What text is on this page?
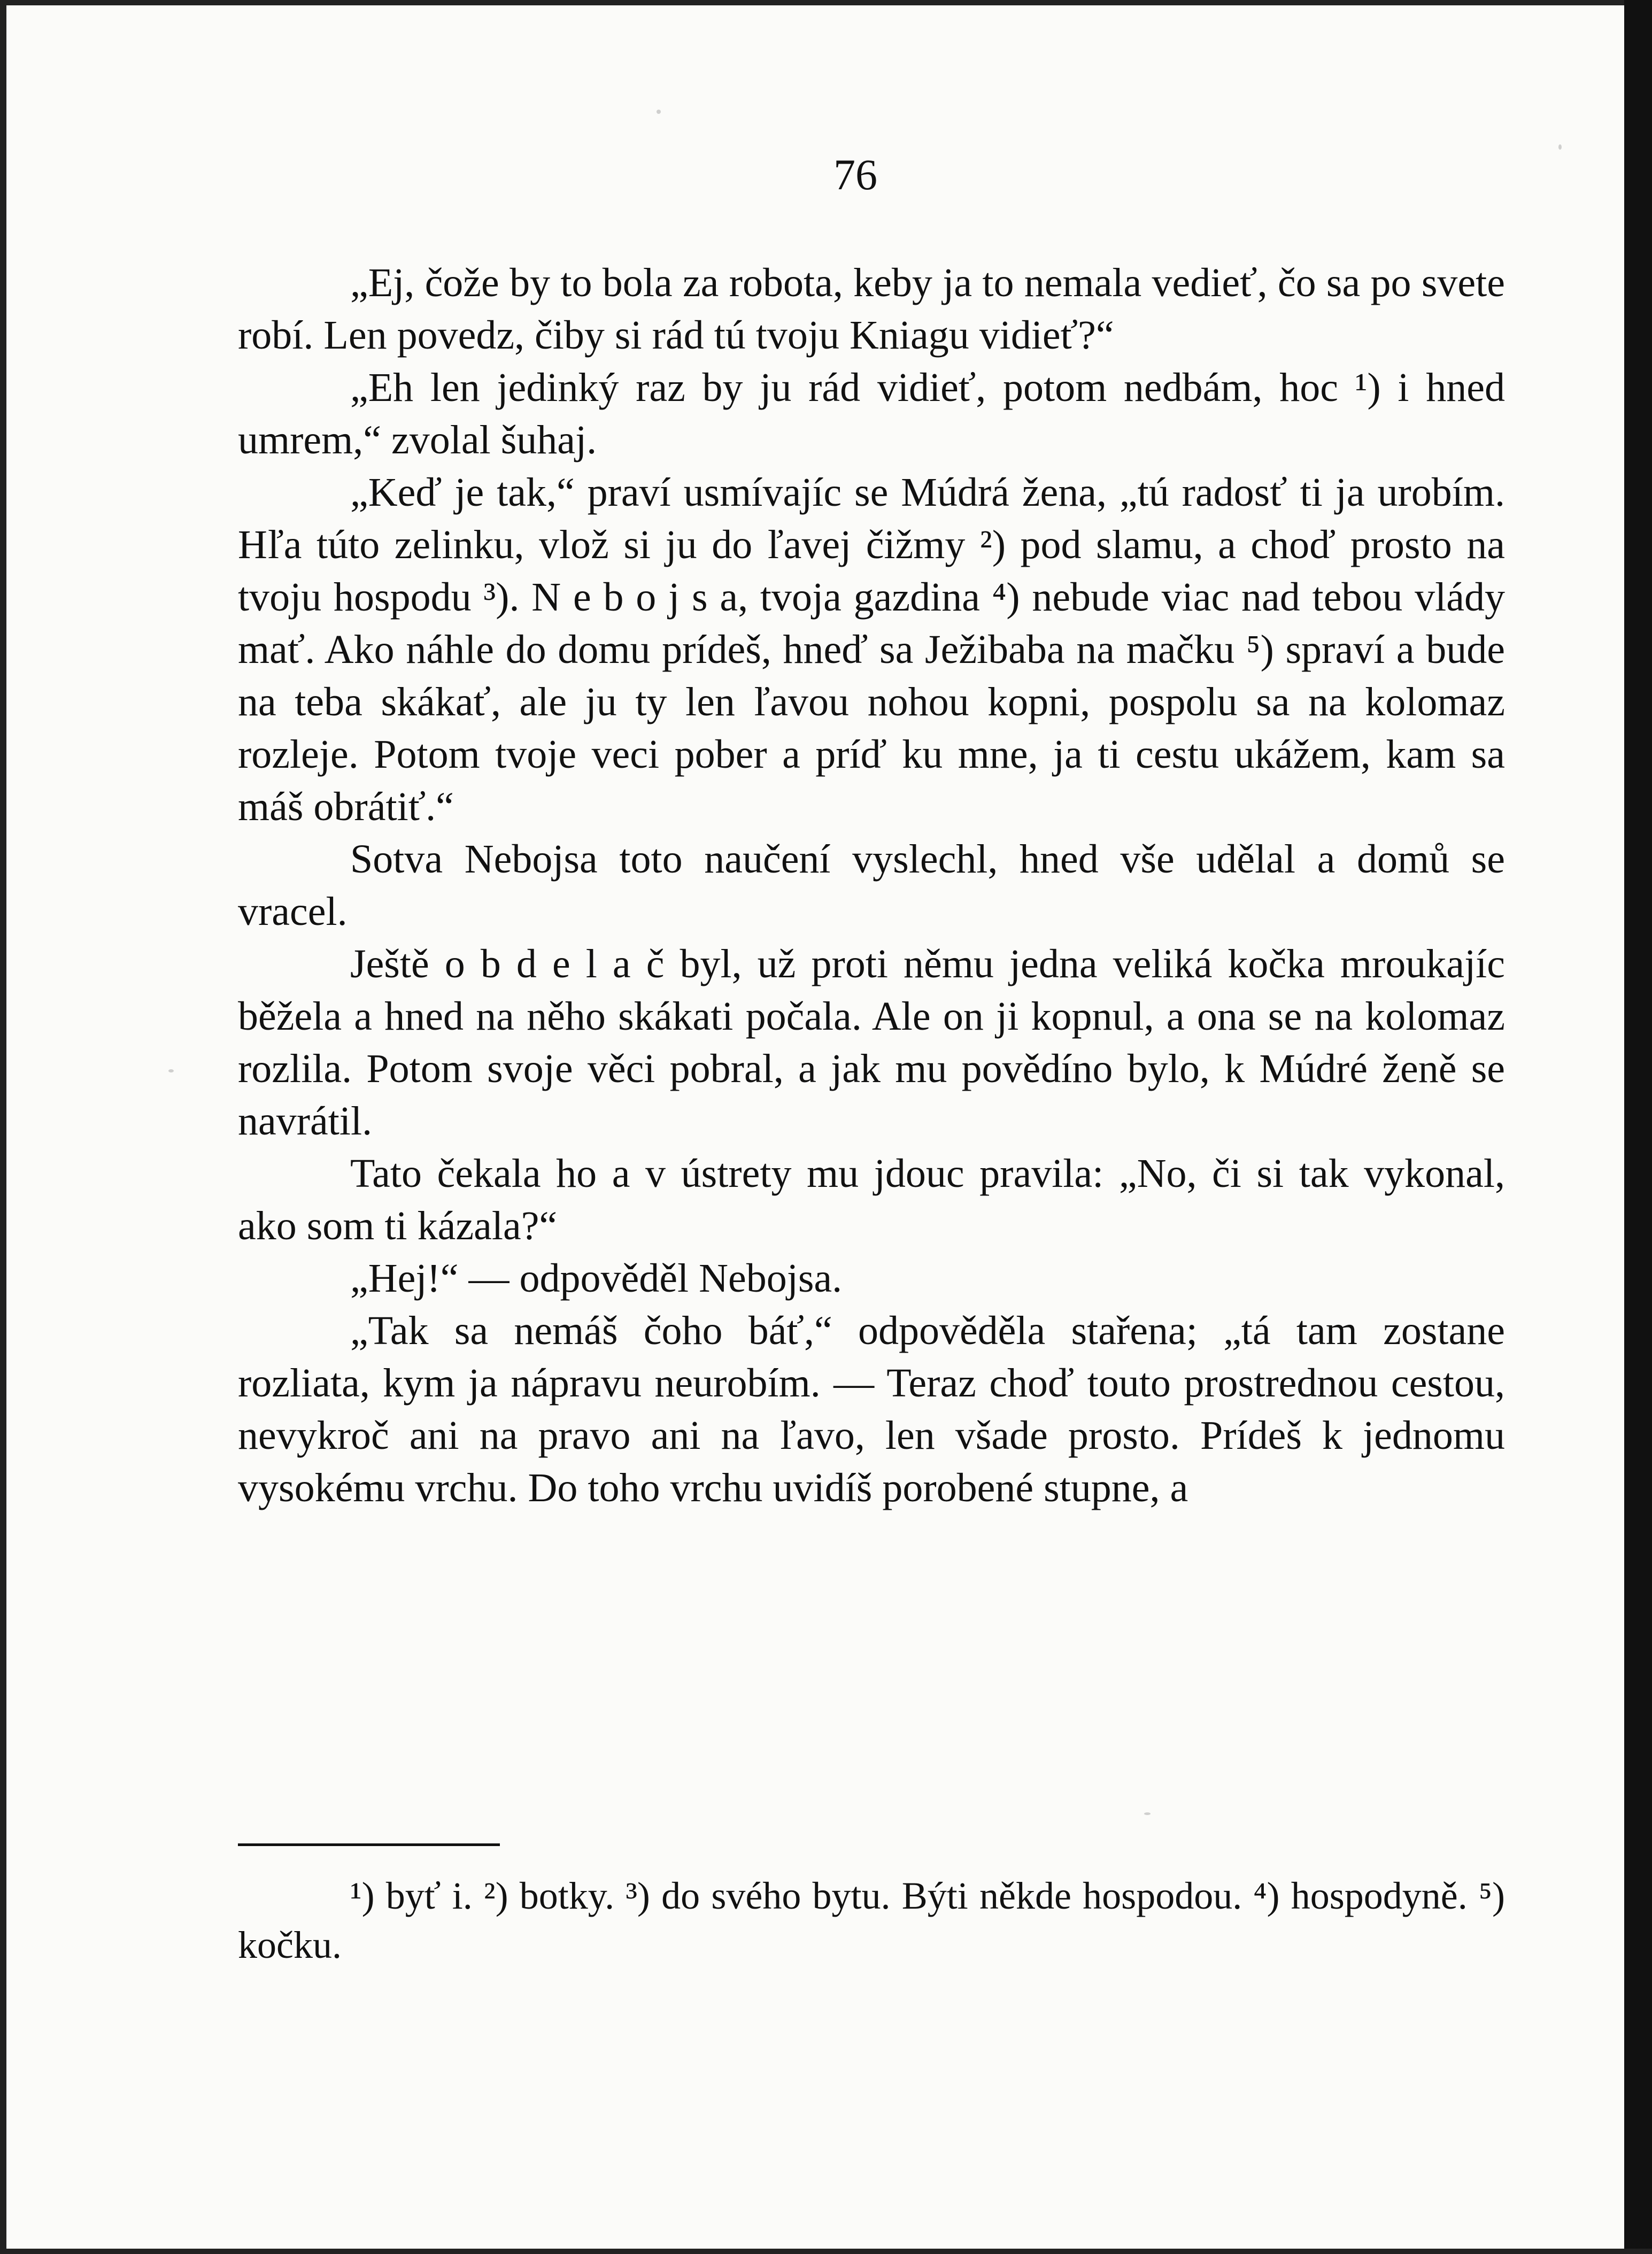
76

„Ej, čože by to bola za robota, keby ja to nemala vedieť, čo sa po svete robí. Len povedz, čiby si rád tú tvoju Kniagu vidieť?“

„Eh len jedinký raz by ju rád vidieť, potom nedbám, hoc ¹) i hned umrem,“ zvolal šuhaj.

„Keď je tak,“ praví usmívajíc se Múdrá žena, „tú radosť ti ja urobím. Hľa túto zelinku, vlož si ju do ľavej čižmy ²) pod slamu, a choď prosto na tvoju hospodu ³). N e b o j s a, tvoja gazdina ⁴) nebude viac nad tebou vlády mať. Ako náhle do domu prídeš, hneď sa Ježibaba na mačku ⁵) spraví a bude na teba skákať, ale ju ty len ľavou nohou kopni, pospolu sa na kolomaz rozleje. Potom tvoje veci pober a príď ku mne, ja ti cestu ukážem, kam sa máš obrátiť.“

Sotva Nebojsa toto naučení vyslechl, hned vše udělal a domů se vracel.

Ještě o b d e l a č byl, už proti němu jedna veliká kočka mroukajíc běžela a hned na něho skákati počala. Ale on ji kopnul, a ona se na kolomaz rozlila. Potom svoje věci pobral, a jak mu povědíno bylo, k Múdré ženě se navrátil.

Tato čekala ho a v ústrety mu jdouc pravila: „No, či si tak vykonal, ako som ti kázala?“

„Hej!“ — odpověděl Nebojsa.

„Tak sa nemáš čoho báť,“ odpověděla stařena; „tá tam zostane rozliata, kym ja nápravu neurobím. — Teraz choď touto prostrednou cestou, nevykroč ani na pravo ani na ľavo, len všade prosto. Prídeš k jednomu vysokému vrchu. Do toho vrchu uvidíš porobené stupne, a

¹) byť i. ²) botky. ³) do svého bytu. Býti někde hospodou. ⁴) hospodyně. ⁵) kočku.
